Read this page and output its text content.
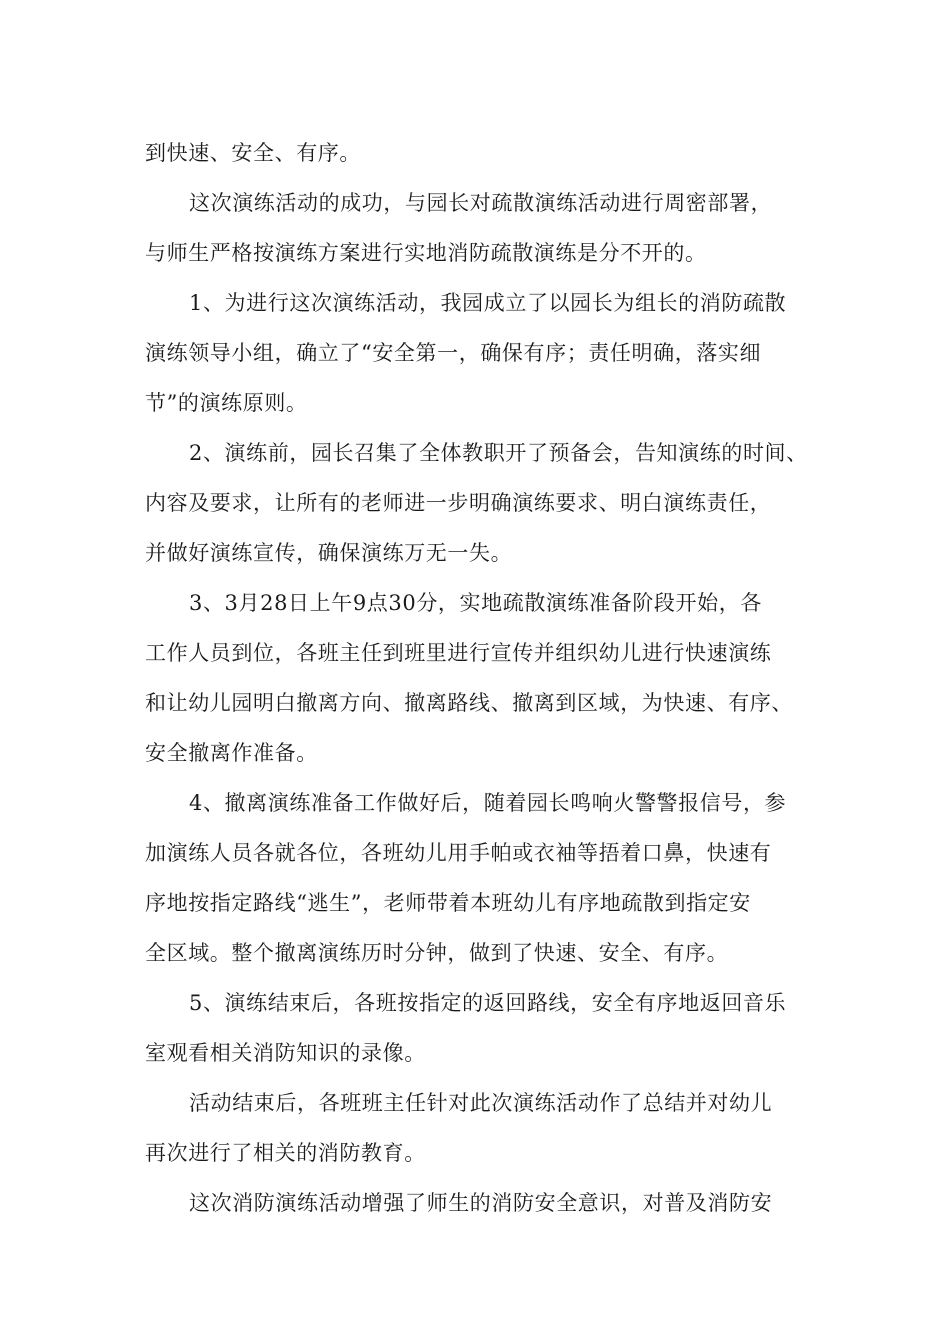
到快速、安全、有序。
这次演练活动的成功，与园长对疏散演练活动进行周密部署，
与师生严格按演练方案进行实地消防疏散演练是分不开的。
1、为进行这次演练活动，我园成立了以园长为组长的消防疏散
演练领导小组，确立了“安全第一，确保有序；责任明确，落实细
节”的演练原则。
2、演练前，园长召集了全体教职开了预备会，告知演练的时间、
内容及要求，让所有的老师进一步明确演练要求、明白演练责任，
并做好演练宣传，确保演练万无一失。
3、3月28日上午9点30分，实地疏散演练准备阶段开始，各
工作人员到位，各班主任到班里进行宣传并组织幼儿进行快速演练
和让幼儿园明白撤离方向、撤离路线、撤离到区域，为快速、有序、
安全撤离作准备。
4、撤离演练准备工作做好后，随着园长鸣响火警警报信号，参
加演练人员各就各位，各班幼儿用手帕或衣袖等捂着口鼻，快速有
序地按指定路线“逃生”，老师带着本班幼儿有序地疏散到指定安
全区域。整个撤离演练历时分钟，做到了快速、安全、有序。
5、演练结束后，各班按指定的返回路线，安全有序地返回音乐
室观看相关消防知识的录像。
活动结束后，各班班主任针对此次演练活动作了总结并对幼儿
再次进行了相关的消防教育。
这次消防演练活动增强了师生的消防安全意识，对普及消防安
